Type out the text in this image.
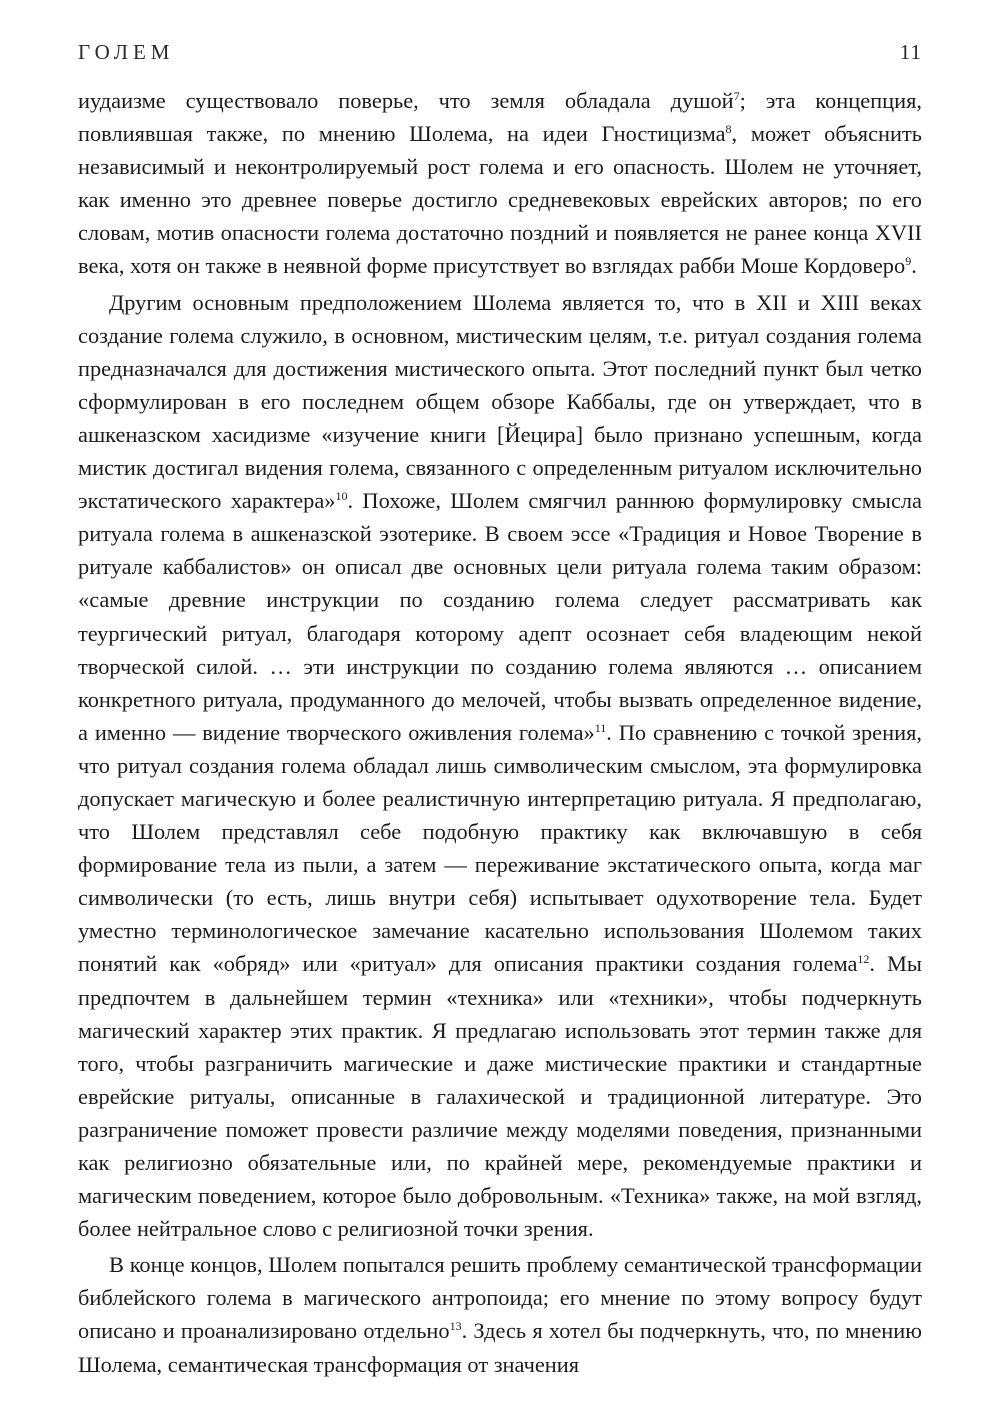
ГОЛЕМ	11

иудаизме существовало поверье, что земля обладала душой$^7$; эта концепция, повлиявшая также, по мнению Шолема, на идеи Гностицизма$^8$, может объяснить независимый и неконтролируемый рост голема и его опасность. Шолем не уточняет, как именно это древнее поверье достигло средневековых еврейских авторов; по его словам, мотив опасности голема достаточно поздний и появляется не ранее конца XVII века, хотя он также в неявной форме присутствует во взглядах рабби Моше Кордоверо$^9$.

Другим основным предположением Шолема является то, что в XII и XIII веках создание голема служило, в основном, мистическим целям, т.е. ритуал создания голема предназначался для достижения мистического опыта. Этот последний пункт был четко сформулирован в его последнем общем обзоре Каббалы, где он утверждает, что в ашкеназском хасидизме «изучение книги [Йецира] было признано успешным, когда мистик достигал видения голема, связанного с определенным ритуалом исключительно экстатического характера»$^{10}$. Похоже, Шолем смягчил раннюю формулировку смысла ритуала голема в ашкеназской эзотерике. В своем эссе «Традиция и Новое Творение в ритуале каббалистов» он описал две основных цели ритуала голема таким образом: «самые древние инструкции по созданию голема следует рассматривать как теургический ритуал, благодаря которому адепт осознает себя владеющим некой творческой силой. … эти инструкции по созданию голема являются … описанием конкретного ритуала, продуманного до мелочей, чтобы вызвать определенное видение, а именно — видение творческого оживления голема»$^{11}$. По сравнению с точкой зрения, что ритуал создания голема обладал лишь символическим смыслом, эта формулировка допускает магическую и более реалистичную интерпретацию ритуала. Я предполагаю, что Шолем представлял себе подобную практику как включавшую в себя формирование тела из пыли, а затем — переживание экстатического опыта, когда маг символически (то есть, лишь внутри себя) испытывает одухотворение тела. Будет уместно терминологическое замечание касательно использования Шолемом таких понятий как «обряд» или «ритуал» для описания практики создания голема$^{12}$. Мы предпочтем в дальнейшем термин «техника» или «техники», чтобы подчеркнуть магический характер этих практик. Я предлагаю использовать этот термин также для того, чтобы разграничить магические и даже мистические практики и стандартные еврейские ритуалы, описанные в галахической и традиционной литературе. Это разграничение поможет провести различие между моделями поведения, признанными как религиозно обязательные или, по крайней мере, рекомендуемые практики и магическим поведением, которое было добровольным. «Техника» также, на мой взгляд, более нейтральное слово с религиозной точки зрения.

В конце концов, Шолем попытался решить проблему семантической трансформации библейского голема в магического антропоида; его мнение по этому вопросу будут описано и проанализировано отдельно$^{13}$. Здесь я хотел бы подчеркнуть, что, по мнению Шолема, семантическая трансформация от значения
